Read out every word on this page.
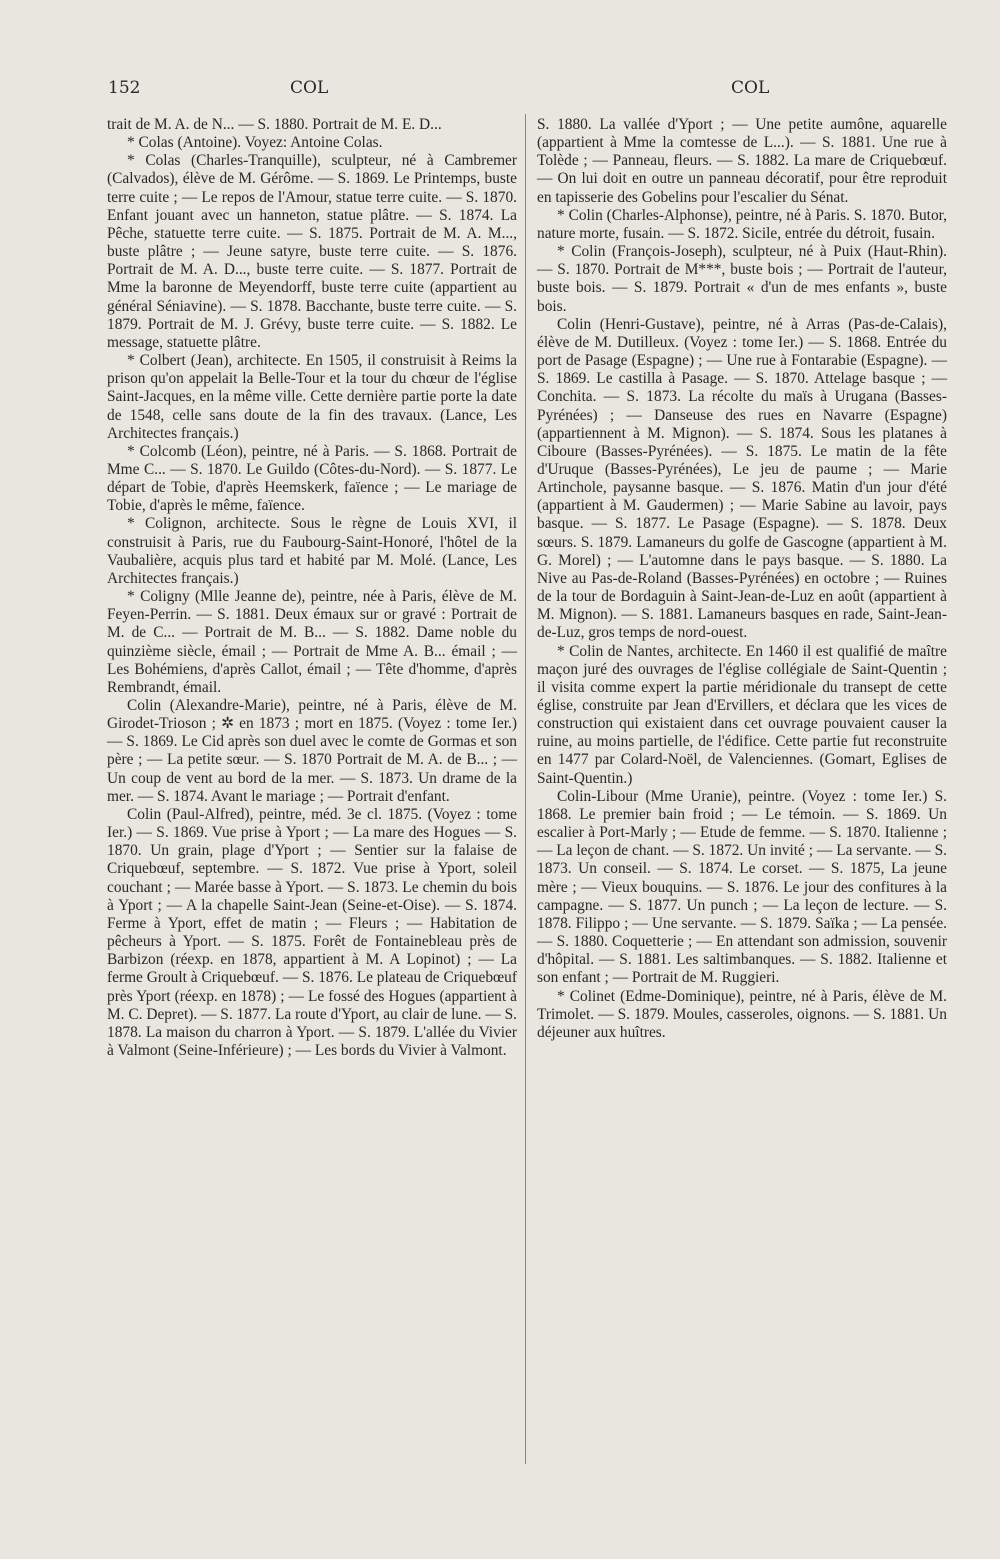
152	COL	COL

trait de M. A. de N... — S. 1880. Portrait de M. E. D...

* Colas (Antoine). Voyez: Antoine Colas.

* Colas (Charles-Tranquille), sculpteur, né à Cambremer (Calvados), élève de M. Gérôme. — S. 1869. Le Printemps, buste terre cuite ; — Le repos de l'Amour, statue terre cuite. — S. 1870. Enfant jouant avec un hanneton, statue plâtre. — S. 1874. La Pêche, statuette terre cuite. — S. 1875. Portrait de M. A. M..., buste plâtre ; — Jeune satyre, buste terre cuite. — S. 1876. Portrait de M. A. D..., buste terre cuite. — S. 1877. Portrait de Mme la baronne de Meyendorff, buste terre cuite (appartient au général Séniavine). — S. 1878. Bacchante, buste terre cuite. — S. 1879. Portrait de M. J. Grévy, buste terre cuite. — S. 1882. Le message, statuette plâtre.

* Colbert (Jean), architecte. En 1505, il construisit à Reims la prison qu'on appelait la Belle-Tour et la tour du chœur de l'église Saint-Jacques, en la même ville. Cette dernière partie porte la date de 1548, celle sans doute de la fin des travaux. (Lance, Les Architectes français.)

* Colcomb (Léon), peintre, né à Paris. — S. 1868. Portrait de Mme C... — S. 1870. Le Guildo (Côtes-du-Nord). — S. 1877. Le départ de Tobie, d'après Heemskerk, faïence ; — Le mariage de Tobie, d'après le même, faïence.

* Colignon, architecte. Sous le règne de Louis XVI, il construisit à Paris, rue du Faubourg-Saint-Honoré, l'hôtel de la Vaubalière, acquis plus tard et habité par M. Molé. (Lance, Les Architectes français.)

* Coligny (Mlle Jeanne de), peintre, née à Paris, élève de M. Feyen-Perrin. — S. 1881. Deux émaux sur or gravé : Portrait de M. de C... — Portrait de M. B... — S. 1882. Dame noble du quinzième siècle, émail ; — Portrait de Mme A. B... émail ; — Les Bohémiens, d'après Callot, émail ; — Tête d'homme, d'après Rembrandt, émail.

Colin (Alexandre-Marie), peintre, né à Paris, élève de M. Girodet-Trioson ; ✲ en 1873 ; mort en 1875. (Voyez : tome Ier.) — S. 1869. Le Cid après son duel avec le comte de Gormas et son père ; — La petite sœur. — S. 1870 Portrait de M. A. de B... ; — Un coup de vent au bord de la mer. — S. 1873. Un drame de la mer. — S. 1874. Avant le mariage ; — Portrait d'enfant.

Colin (Paul-Alfred), peintre, méd. 3e cl. 1875. (Voyez : tome Ier.) — S. 1869. Vue prise à Yport ; — La mare des Hogues — S. 1870. Un grain, plage d'Yport ; — Sentier sur la falaise de Criquebœuf, septembre. — S. 1872. Vue prise à Yport, soleil couchant ; — Marée basse à Yport. — S. 1873. Le chemin du bois à Yport ; — A la chapelle Saint-Jean (Seine-et-Oise). — S. 1874. Ferme à Yport, effet de matin ; — Fleurs ; — Habitation de pêcheurs à Yport. — S. 1875. Forêt de Fontainebleau près de Barbizon (réexp. en 1878, appartient à M. A Lopinot) ; — La ferme Groult à Criquebœuf. — S. 1876. Le plateau de Criquebœuf près Yport (réexp. en 1878) ; — Le fossé des Hogues (appartient à M. C. Depret). — S. 1877. La route d'Yport, au clair de lune. — S. 1878. La maison du charron à Yport. — S. 1879. L'allée du Vivier à Valmont (Seine-Inférieure) ; — Les bords du Vivier à Valmont.

S. 1880. La vallée d'Yport ; — Une petite aumône, aquarelle (appartient à Mme la comtesse de L...). — S. 1881. Une rue à Tolède ; — Panneau, fleurs. — S. 1882. La mare de Criquebœuf. — On lui doit en outre un panneau décoratif, pour être reproduit en tapisserie des Gobelins pour l'escalier du Sénat.

* Colin (Charles-Alphonse), peintre, né à Paris. S. 1870. Butor, nature morte, fusain. — S. 1872. Sicile, entrée du détroit, fusain.

* Colin (François-Joseph), sculpteur, né à Puix (Haut-Rhin). — S. 1870. Portrait de M***, buste bois ; — Portrait de l'auteur, buste bois. — S. 1879. Portrait « d'un de mes enfants », buste bois.

Colin (Henri-Gustave), peintre, né à Arras (Pas-de-Calais), élève de M. Dutilleux. (Voyez : tome Ier.) — S. 1868. Entrée du port de Pasage (Espagne) ; — Une rue à Fontarabie (Espagne). — S. 1869. Le castilla à Pasage. — S. 1870. Attelage basque ; — Conchita. — S. 1873. La récolte du maïs à Urugana (Basses-Pyrénées) ; — Danseuse des rues en Navarre (Espagne) (appartiennent à M. Mignon). — S. 1874. Sous les platanes à Ciboure (Basses-Pyrénées). — S. 1875. Le matin de la fête d'Uruque (Basses-Pyrénées), Le jeu de paume ; — Marie Artinchole, paysanne basque. — S. 1876. Matin d'un jour d'été (appartient à M. Gaudermen) ; — Marie Sabine au lavoir, pays basque. — S. 1877. Le Pasage (Espagne). — S. 1878. Deux sœurs. S. 1879. Lamaneurs du golfe de Gascogne (appartient à M. G. Morel) ; — L'automne dans le pays basque. — S. 1880. La Nive au Pas-de-Roland (Basses-Pyrénées) en octobre ; — Ruines de la tour de Bordaguin à Saint-Jean-de-Luz en août (appartient à M. Mignon). — S. 1881. Lamaneurs basques en rade, Saint-Jean-de-Luz, gros temps de nord-ouest.

* Colin de Nantes, architecte. En 1460 il est qualifié de maître maçon juré des ouvrages de l'église collégiale de Saint-Quentin ; il visita comme expert la partie méridionale du transept de cette église, construite par Jean d'Ervillers, et déclara que les vices de construction qui existaient dans cet ouvrage pouvaient causer la ruine, au moins partielle, de l'édifice. Cette partie fut reconstruite en 1477 par Colard-Noël, de Valenciennes. (Gomart, Eglises de Saint-Quentin.)

Colin-Libour (Mme Uranie), peintre. (Voyez : tome Ier.) S. 1868. Le premier bain froid ; — Le témoin. — S. 1869. Un escalier à Port-Marly ; — Etude de femme. — S. 1870. Italienne ; — La leçon de chant. — S. 1872. Un invité ; — La servante. — S. 1873. Un conseil. — S. 1874. Le corset. — S. 1875, La jeune mère ; — Vieux bouquins. — S. 1876. Le jour des confitures à la campagne. — S. 1877. Un punch ; — La leçon de lecture. — S. 1878. Filippo ; — Une servante. — S. 1879. Saïka ; — La pensée. — S. 1880. Coquetterie ; — En attendant son admission, souvenir d'hôpital. — S. 1881. Les saltimbanques. — S. 1882. Italienne et son enfant ; — Portrait de M. Ruggieri.

* Colinet (Edme-Dominique), peintre, né à Paris, élève de M. Trimolet. — S. 1879. Moules, casseroles, oignons. — S. 1881. Un déjeuner aux huîtres.
